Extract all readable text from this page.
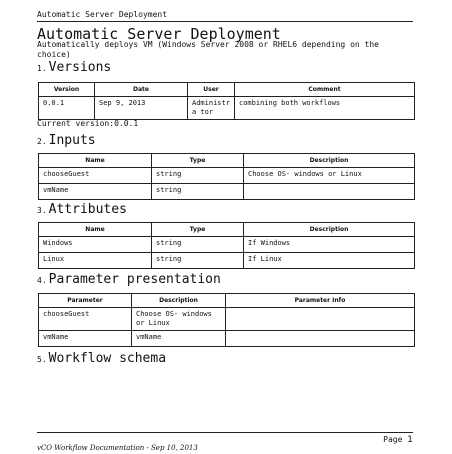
Automatic Server Deployment
Automatic Server Deployment
Automatically deploys VM (Windows Server 2008 or RHEL6 depending on the choice)
1. Versions
Version	Date	User	Comment
0.0.1	Sep 9, 2013	Administra tor	combining both workflows
Current version:0.0.1
2. Inputs
Name	Type	Description
chooseGuest	string	Choose OS- windows or Linux
vmName	string	
3. Attributes
Name	Type	Description
Windows	string	If Windows
Linux	string	If Linux
4. Parameter presentation
Parameter	Description	Parameter Info
chooseGuest	Choose OS- windows or Linux	
vmName	vmName	
5. Workflow schema
vCO Workflow Documentation - Sep 10, 2013
Page 1
